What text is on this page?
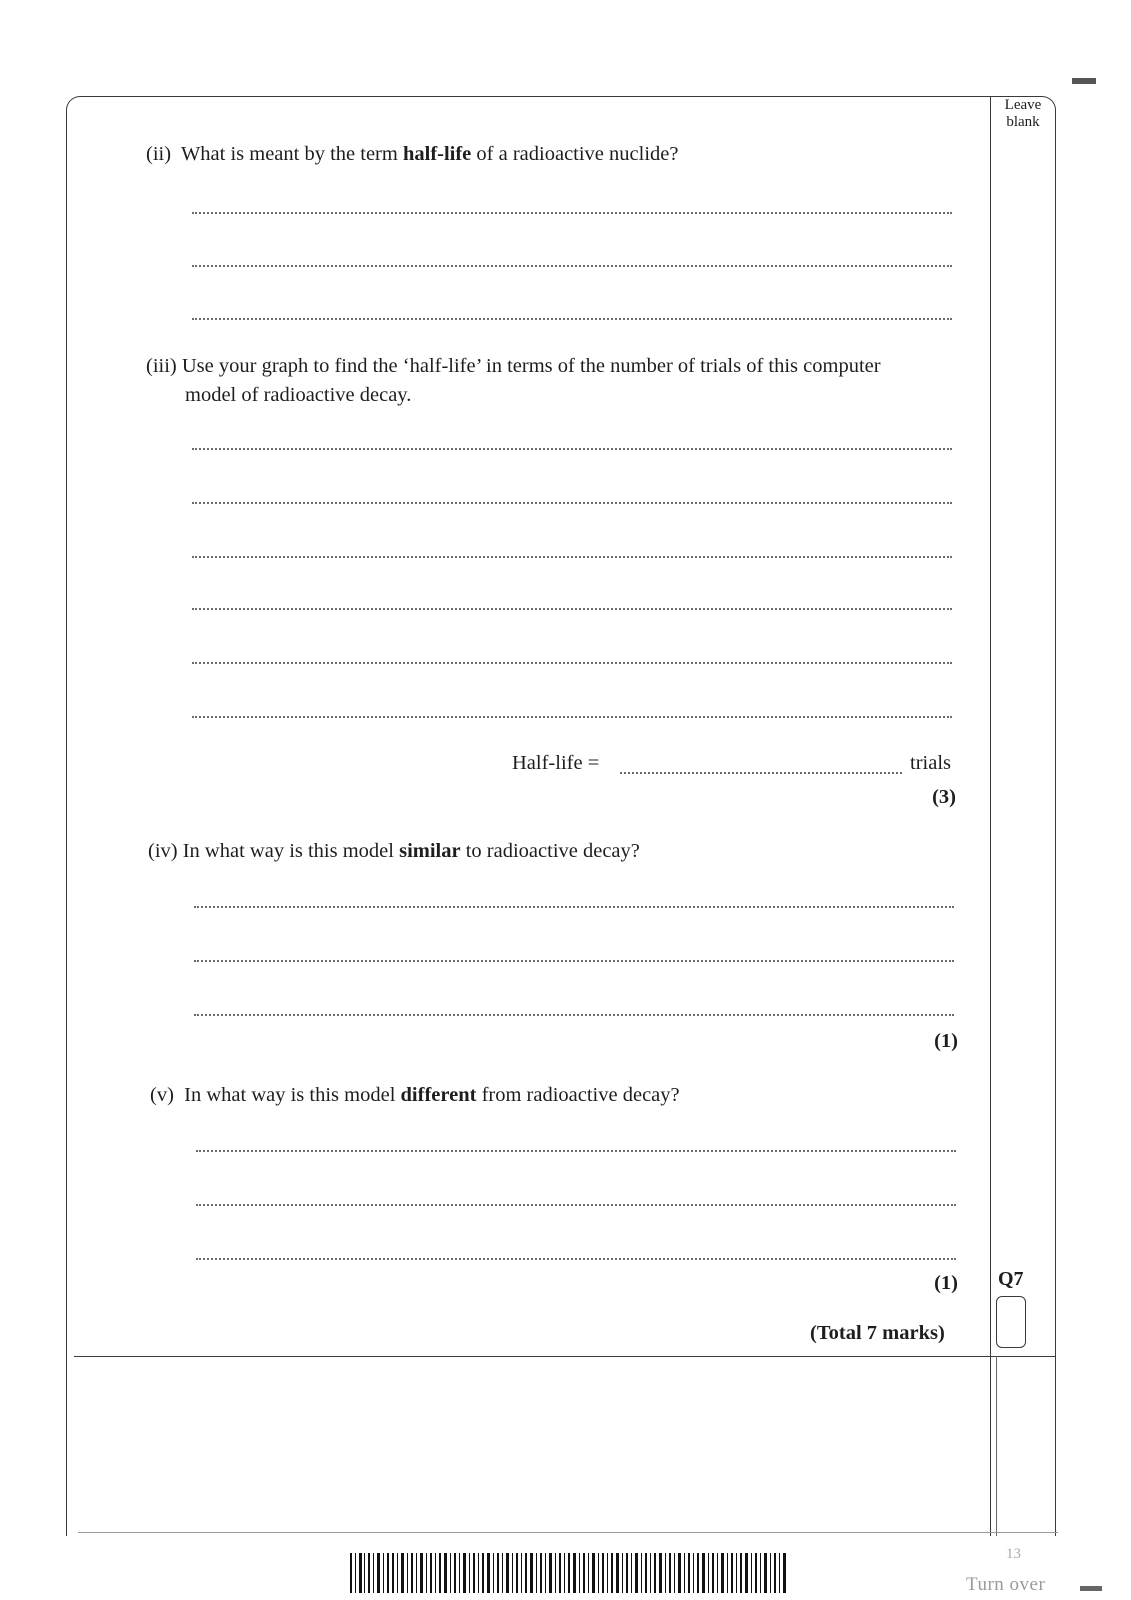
Leave
blank
(ii) What is meant by the term half-life of a radioactive nuclide?
(iii) Use your graph to find the ‘half-life’ in terms of the number of trials of this computer
model of radioactive decay.
Half-life =	trials
(3)
(iv) In what way is this model similar to radioactive decay?
(1)
(v) In what way is this model different from radioactive decay?
(1)
(Total 7 marks)
Q7
13
Turn over
